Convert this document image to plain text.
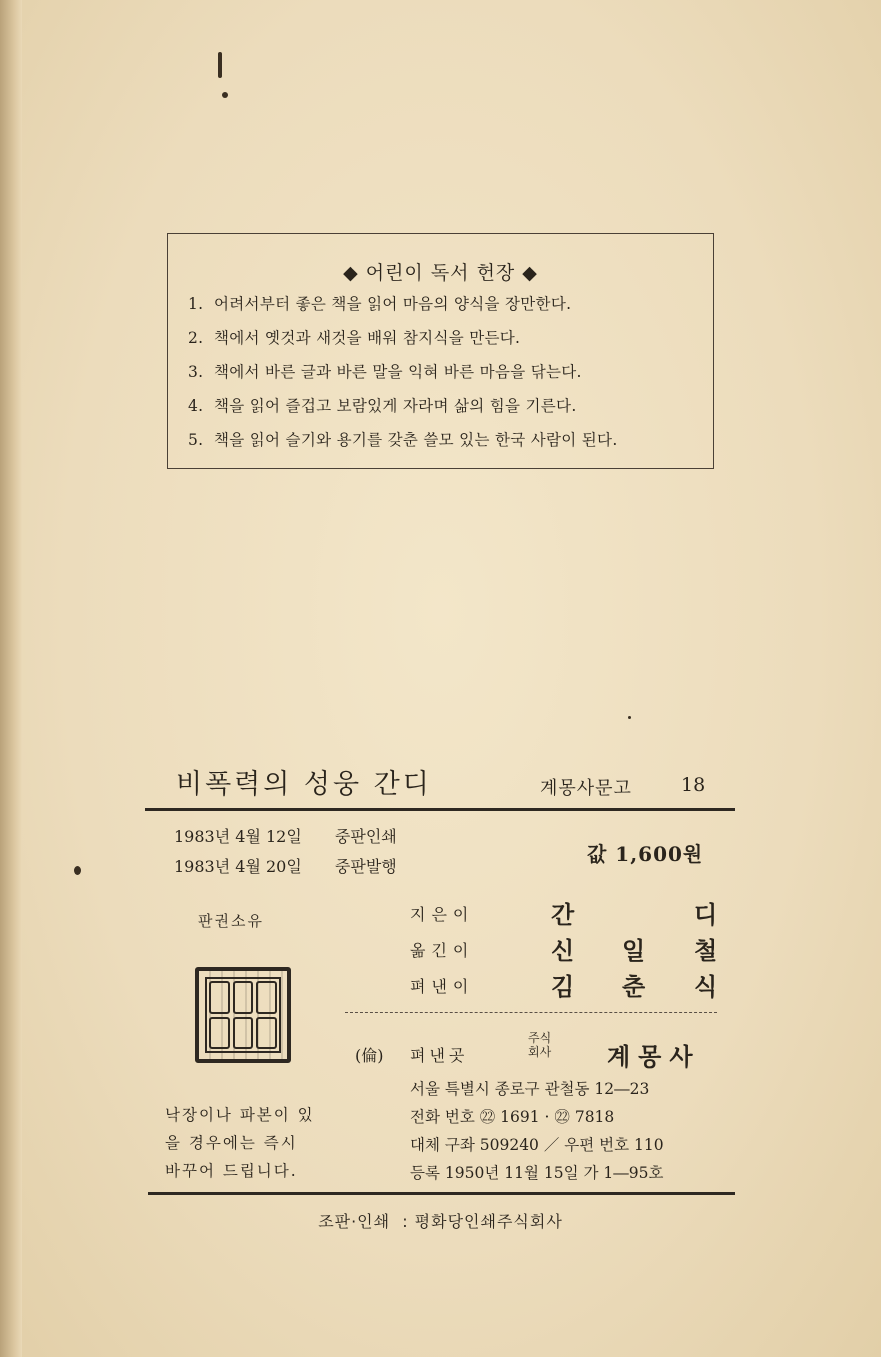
◆ 어린이 독서 헌장 ◆
1. 어려서부터 좋은 책을 읽어 마음의 양식을 장만한다.
2. 책에서 옛것과 새것을 배워 참지식을 만든다.
3. 책에서 바른 글과 바른 말을 익혀 바른 마음을 닦는다.
4. 책을 읽어 즐겁고 보람있게 자라며 삶의 힘을 기른다.
5. 책을 읽어 슬기와 용기를 갖춘 쓸모 있는 한국 사람이 된다.
비폭력의 성웅 간디	계몽사문고	18
1983년 4월 12일 중판인쇄
1983년 4월 20일 중판발행
값 1,600원
판권소유	지은이	간	디
옮긴이	신 일 철
펴낸이	김 춘 식
(倫) 펴낸곳
주식
회사 계몽사
서울 특별시 종로구 관철동 12―23
전화 번호 ㉒ 1691 · ㉒ 7818
대체 구좌 509240 ／ 우편 번호 110
등록 1950년 11월 15일 가 1―95호
낙장이나 파본이 있
을 경우에는 즉시
바꾸어 드립니다.
조판·인쇄 : 평화당인쇄주식회사
